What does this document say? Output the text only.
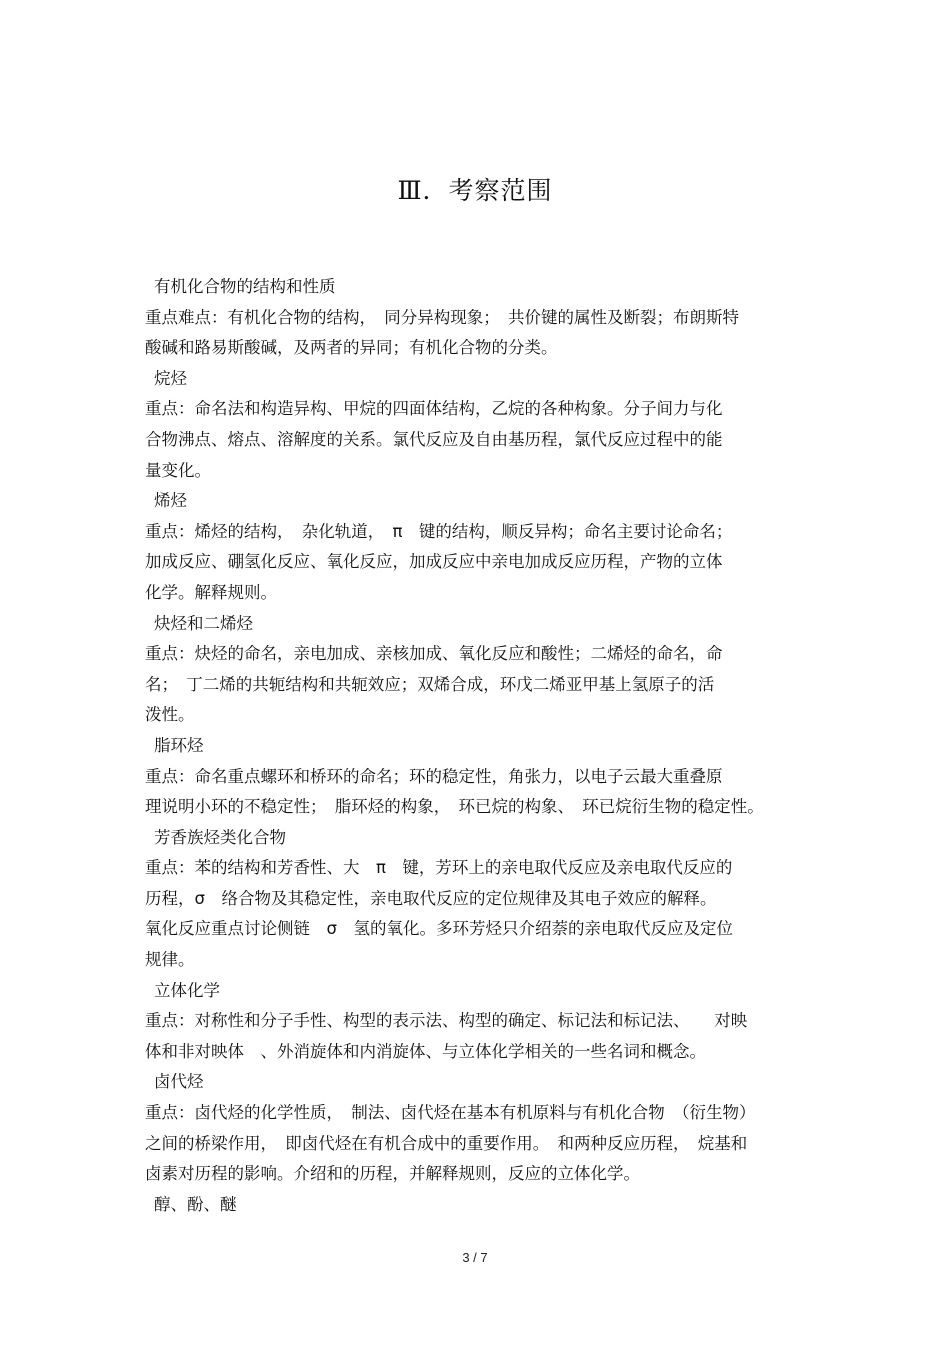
Ⅲ．考察范围
有机化合物的结构和性质
重点难点：有机化合物的结构，　同分异构现象；　共价键的属性及断裂；布朗斯特
酸碱和路易斯酸碱，及两者的异同；有机化合物的分类。
烷烃
重点：命名法和构造异构、甲烷的四面体结构，乙烷的各种构象。分子间力与化
合物沸点、熔点、溶解度的关系。氯代反应及自由基历程，氯代反应过程中的能
量变化。
烯烃
重点：烯烃的结构，　杂化轨道，　π　键的结构，顺反异构；命名主要讨论命名；
加成反应、硼氢化反应、氧化反应，加成反应中亲电加成反应历程，产物的立体
化学。解释规则。
炔烃和二烯烃
重点：炔烃的命名，亲电加成、亲核加成、氧化反应和酸性；二烯烃的命名，命
名；　丁二烯的共轭结构和共轭效应；双烯合成，环戊二烯亚甲基上氢原子的活
泼性。
脂环烃
重点：命名重点螺环和桥环的命名；环的稳定性，角张力，以电子云最大重叠原
理说明小环的不稳定性；　脂环烃的构象，　环已烷的构象、　环已烷衍生物的稳定性。
芳香族烃类化合物
重点：苯的结构和芳香性、大　π　键，芳环上的亲电取代反应及亲电取代反应的
历程，σ　络合物及其稳定性，亲电取代反应的定位规律及其电子效应的解释。
氧化反应重点讨论侧链　σ　氢的氧化。多环芳烃只介绍萘的亲电取代反应及定位
规律。
立体化学
重点：对称性和分子手性、构型的表示法、构型的确定、标记法和标记法、　　对映
体和非对映体　、外消旋体和内消旋体、与立体化学相关的一些名词和概念。
卤代烃
重点：卤代烃的化学性质，　制法、卤代烃在基本有机原料与有机化合物　（衍生物）
之间的桥梁作用，　即卤代烃在有机合成中的重要作用。　和两种反应历程，　烷基和
卤素对历程的影响。介绍和的历程，并解释规则，反应的立体化学。
醇、酚、醚
3 / 7
